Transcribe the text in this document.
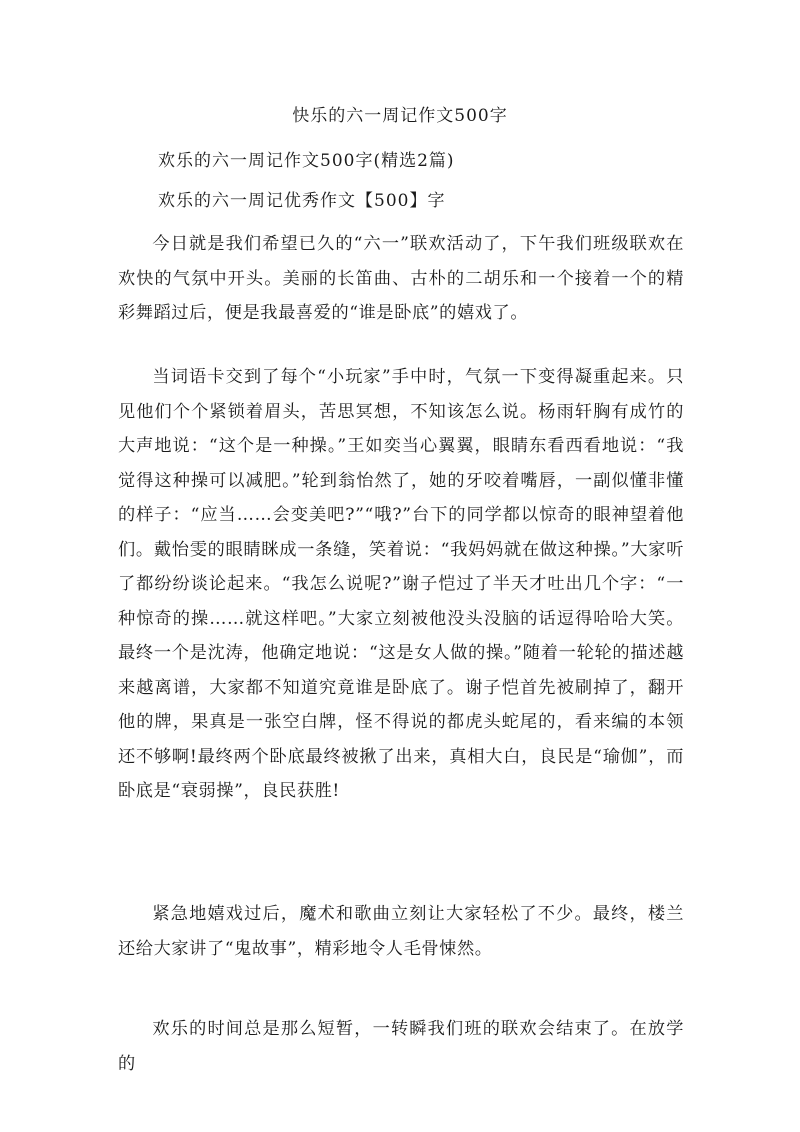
快乐的六一周记作文500字
欢乐的六一周记作文500字(精选2篇)
欢乐的六一周记优秀作文【500】字

今日就是我们希望已久的“六一”联欢活动了，下午我们班级联欢在欢快的气氛中开头。美丽的长笛曲、古朴的二胡乐和一个接着一个的精彩舞蹈过后，便是我最喜爱的“谁是卧底”的嬉戏了。

当词语卡交到了每个“小玩家”手中时，气氛一下变得凝重起来。只见他们个个紧锁着眉头，苦思冥想，不知该怎么说。杨雨轩胸有成竹的大声地说：“这个是一种操。”王如奕当心翼翼，眼睛东看西看地说：“我觉得这种操可以减肥。”轮到翁怡然了，她的牙咬着嘴唇，一副似懂非懂的样子：“应当……会变美吧?”“哦?”台下的同学都以惊奇的眼神望着他们。戴怡雯的眼睛眯成一条缝，笑着说：“我妈妈就在做这种操。”大家听了都纷纷谈论起来。“我怎么说呢?”谢子恺过了半天才吐出几个字：“一种惊奇的操……就这样吧。”大家立刻被他没头没脑的话逗得哈哈大笑。最终一个是沈涛，他确定地说：“这是女人做的操。”随着一轮轮的描述越来越离谱，大家都不知道究竟谁是卧底了。谢子恺首先被刷掉了，翻开他的牌，果真是一张空白牌，怪不得说的都虎头蛇尾的，看来编的本领还不够啊!最终两个卧底最终被揪了出来，真相大白，良民是“瑜伽”，而卧底是“衰弱操”，良民获胜!

紧急地嬉戏过后，魔术和歌曲立刻让大家轻松了不少。最终，楼兰还给大家讲了“鬼故事”，精彩地令人毛骨悚然。

欢乐的时间总是那么短暂，一转瞬我们班的联欢会结束了。在放学的
